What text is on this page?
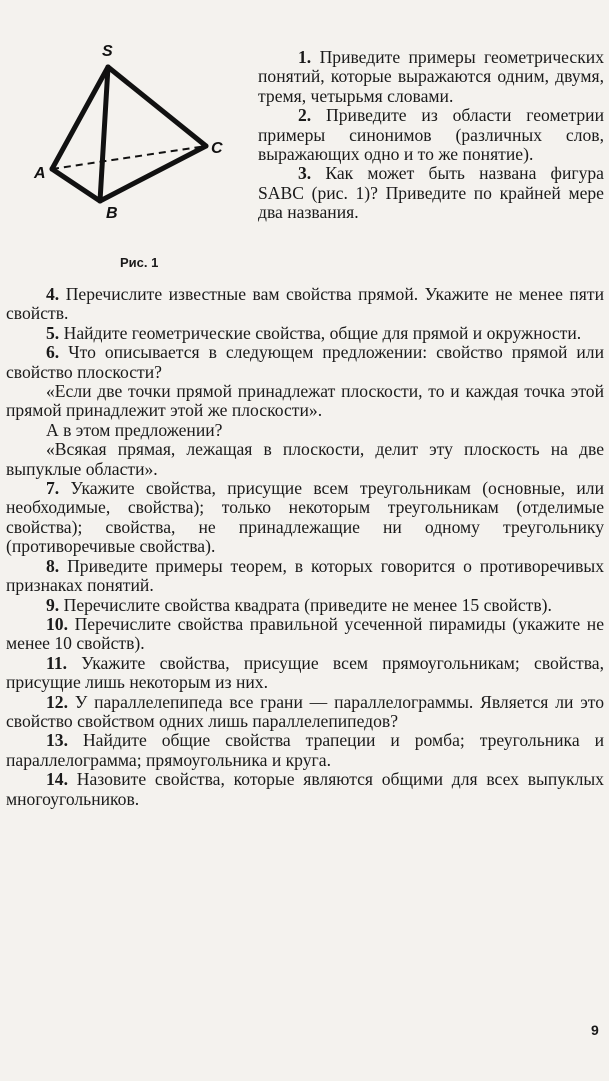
S
A
B
C
Рис. 1

1. Приведите примеры геометрических понятий, которые выражаются одним, двумя, тремя, четырьмя словами.

2. Приведите из области геометрии примеры синонимов (различных слов, выражающих одно и то же понятие).

3. Как может быть названа фигура SABC (рис. 1)? Приведите по крайней мере два названия.

4. Перечислите известные вам свойства прямой. Укажите не менее пяти свойств.

5. Найдите геометрические свойства, общие для прямой и окружности.

6. Что описывается в следующем предложении: свойство прямой или свойство плоскости?

«Если две точки прямой принадлежат плоскости, то и каждая точка этой прямой принадлежит этой же плоскости».

А в этом предложении?

«Всякая прямая, лежащая в плоскости, делит эту плоскость на две выпуклые области».

7. Укажите свойства, присущие всем треугольникам (основные, или необходимые, свойства); только некоторым треугольникам (отделимые свойства); свойства, не принадлежащие ни одному треугольнику (противоречивые свойства).

8. Приведите примеры теорем, в которых говорится о противоречивых признаках понятий.

9. Перечислите свойства квадрата (приведите не менее 15 свойств).

10. Перечислите свойства правильной усеченной пирамиды (укажите не менее 10 свойств).

11. Укажите свойства, присущие всем прямоугольникам; свойства, присущие лишь некоторым из них.

12. У параллелепипеда все грани — параллелограммы. Является ли это свойство свойством одних лишь параллелепипедов?

13. Найдите общие свойства трапеции и ромба; треугольника и параллелограмма; прямоугольника и круга.

14. Назовите свойства, которые являются общими для всех выпуклых многоугольников.

9
